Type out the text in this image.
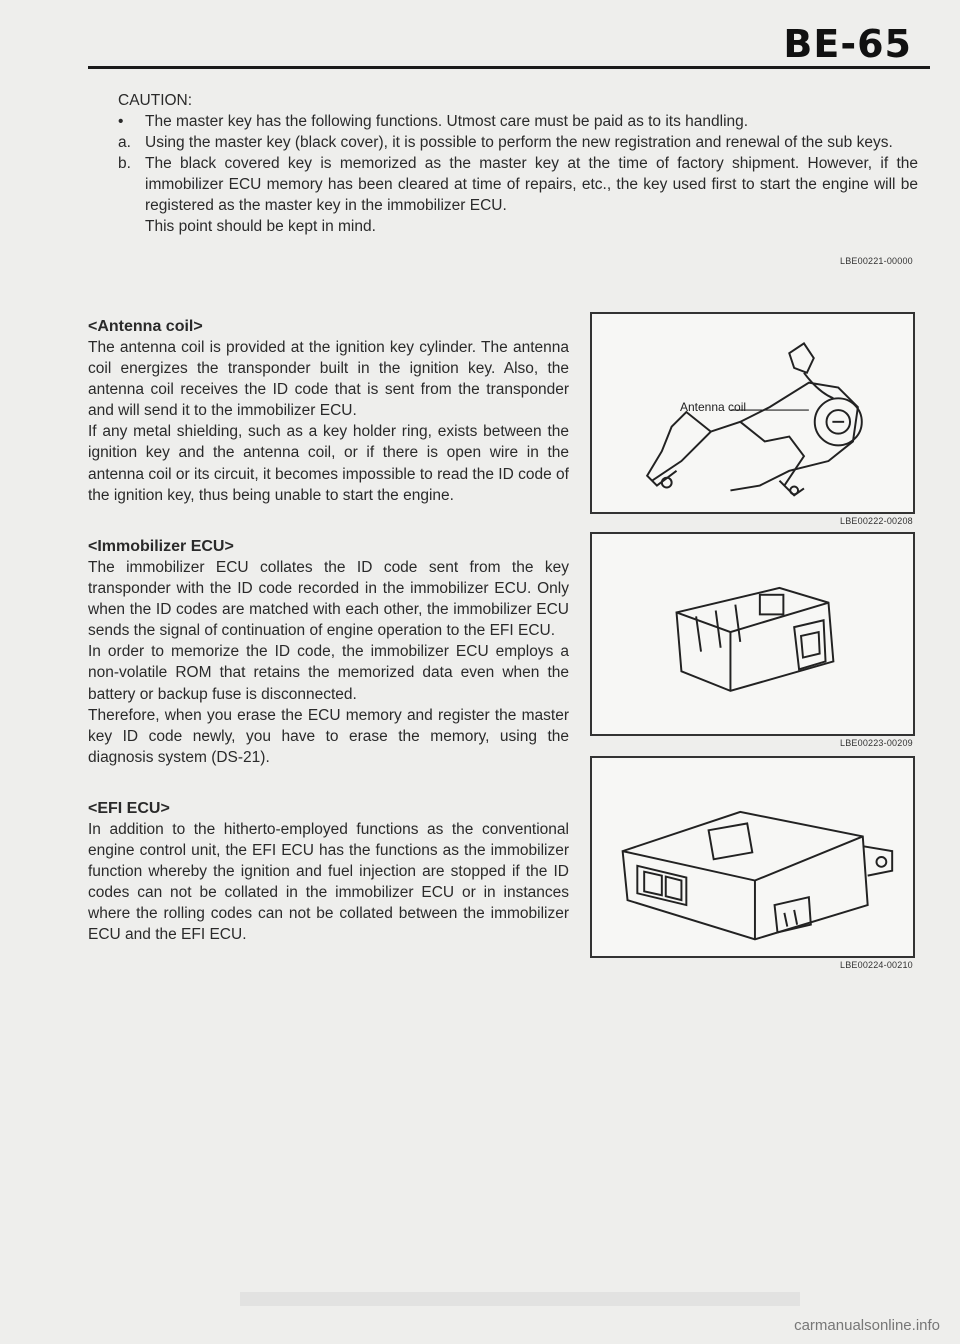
BE-65

CAUTION:

•	The master key has the following functions. Utmost care must be paid as to its handling.
a. Using the master key (black cover), it is possible to perform the new registration and renewal of the sub keys.
b. The black covered key is memorized as the master key at the time of factory shipment. However, if the immobilizer ECU memory has been cleared at time of repairs, etc., the key used first to start the engine will be registered as the master key in the immobilizer ECU.
This point should be kept in mind.
LBE00221-00000
<Antenna coil>

The antenna coil is provided at the ignition key cylinder. The antenna coil energizes the transponder built in the ignition key. Also, the antenna coil receives the ID code that is sent from the transponder and will send it to the immobilizer ECU.

If any metal shielding, such as a key holder ring, exists between the ignition key and the antenna coil, or if there is open wire in the antenna coil or its circuit, it becomes impossible to read the ID code of the ignition key, thus being unable to start the engine.

Antenna coil
LBE00222-00208
<Immobilizer ECU>

The immobilizer ECU collates the ID code sent from the key transponder with the ID code recorded in the immobilizer ECU. Only when the ID codes are matched with each other, the immobilizer ECU sends the signal of continuation of engine operation to the EFI ECU.

In order to memorize the ID code, the immobilizer ECU employs a non-volatile ROM that retains the memorized data even when the battery or backup fuse is disconnected.

Therefore, when you erase the ECU memory and register the master key ID code newly, you have to erase the memory, using the diagnosis system (DS-21).

LBE00223-00209
<EFI ECU>

In addition to the hitherto-employed functions as the conventional engine control unit, the EFI ECU has the functions as the immobilizer function whereby the ignition and fuel injection are stopped if the ID codes can not be collated in the immobilizer ECU or in instances where the rolling codes can not be collated between the immobilizer ECU and the EFI ECU.

LBE00224-00210
carmanualsonline.info
